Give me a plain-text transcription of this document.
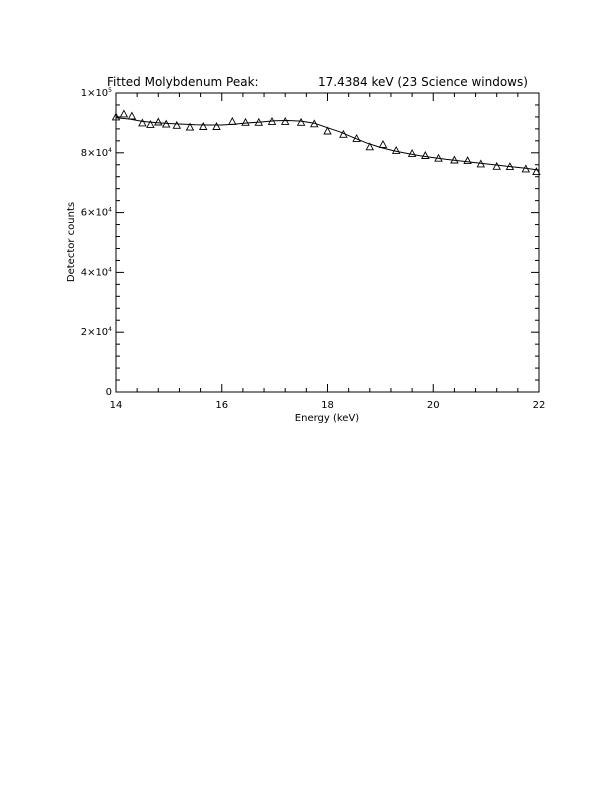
Fitted Molybdenum Peak:	17.4384 keV (23 Science windows)
14	16	18	20	22
0
$2\times 10^4$
$4\times 10^4$
$6\times 10^4$
$8\times 10^4$
$1\times 10^5$
Energy (keV)
Detector counts
